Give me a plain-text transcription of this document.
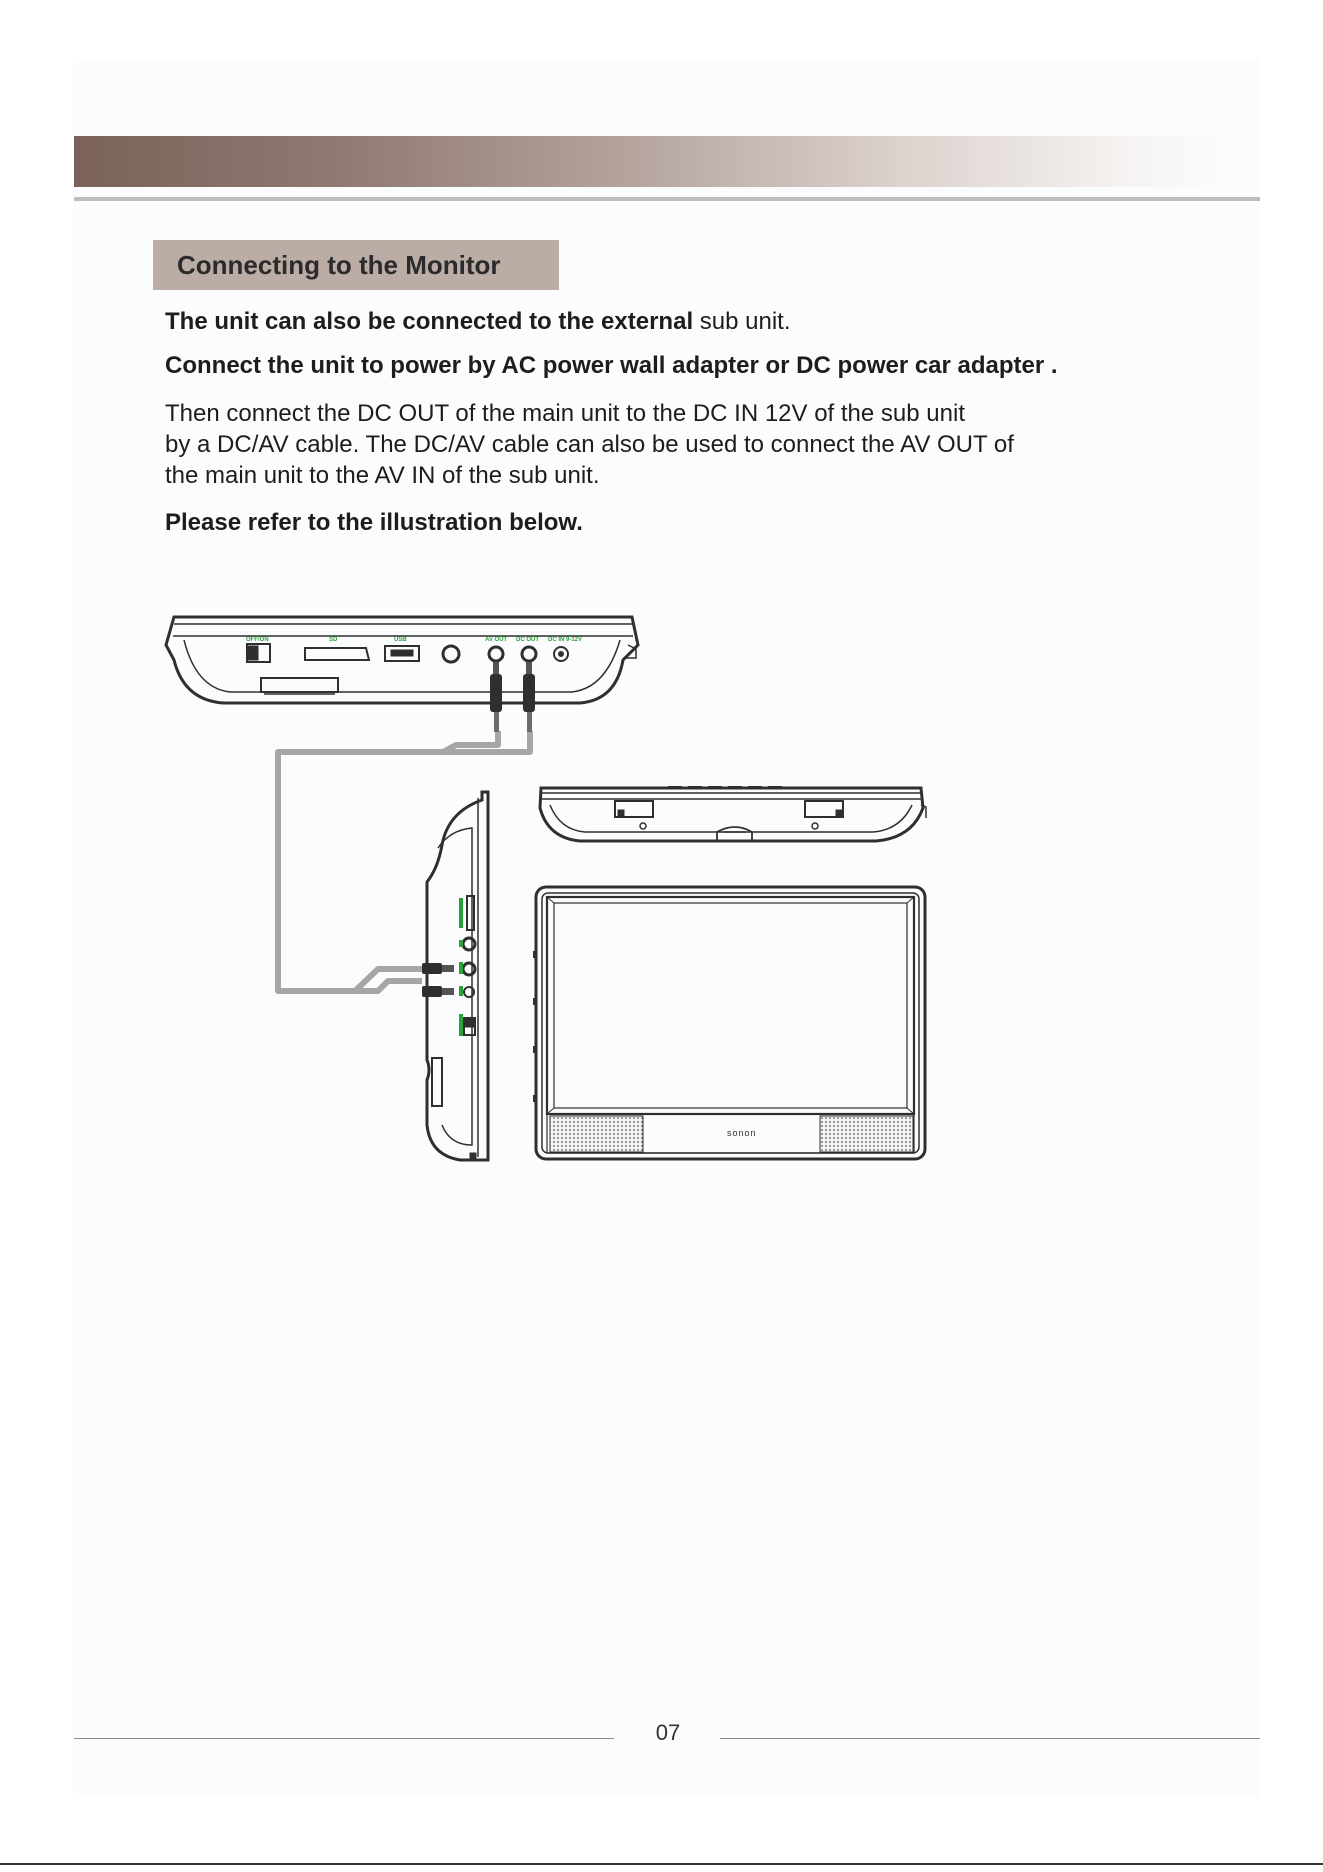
Connecting to the Monitor

The unit can also be connected to the external sub unit.

Connect the unit to power by AC power wall adapter or DC power car adapter .

Then connect the DC OUT of the main unit to the DC IN 12V of the sub unit

by a DC/AV cable. The DC/AV cable can also be used to connect the AV OUT of

the main unit to the AV IN of the sub unit.

Please refer to the illustration below.

OFF/ON	SD	USB	AV OUT DC OUT DC IN 9-12V
sonon
07
